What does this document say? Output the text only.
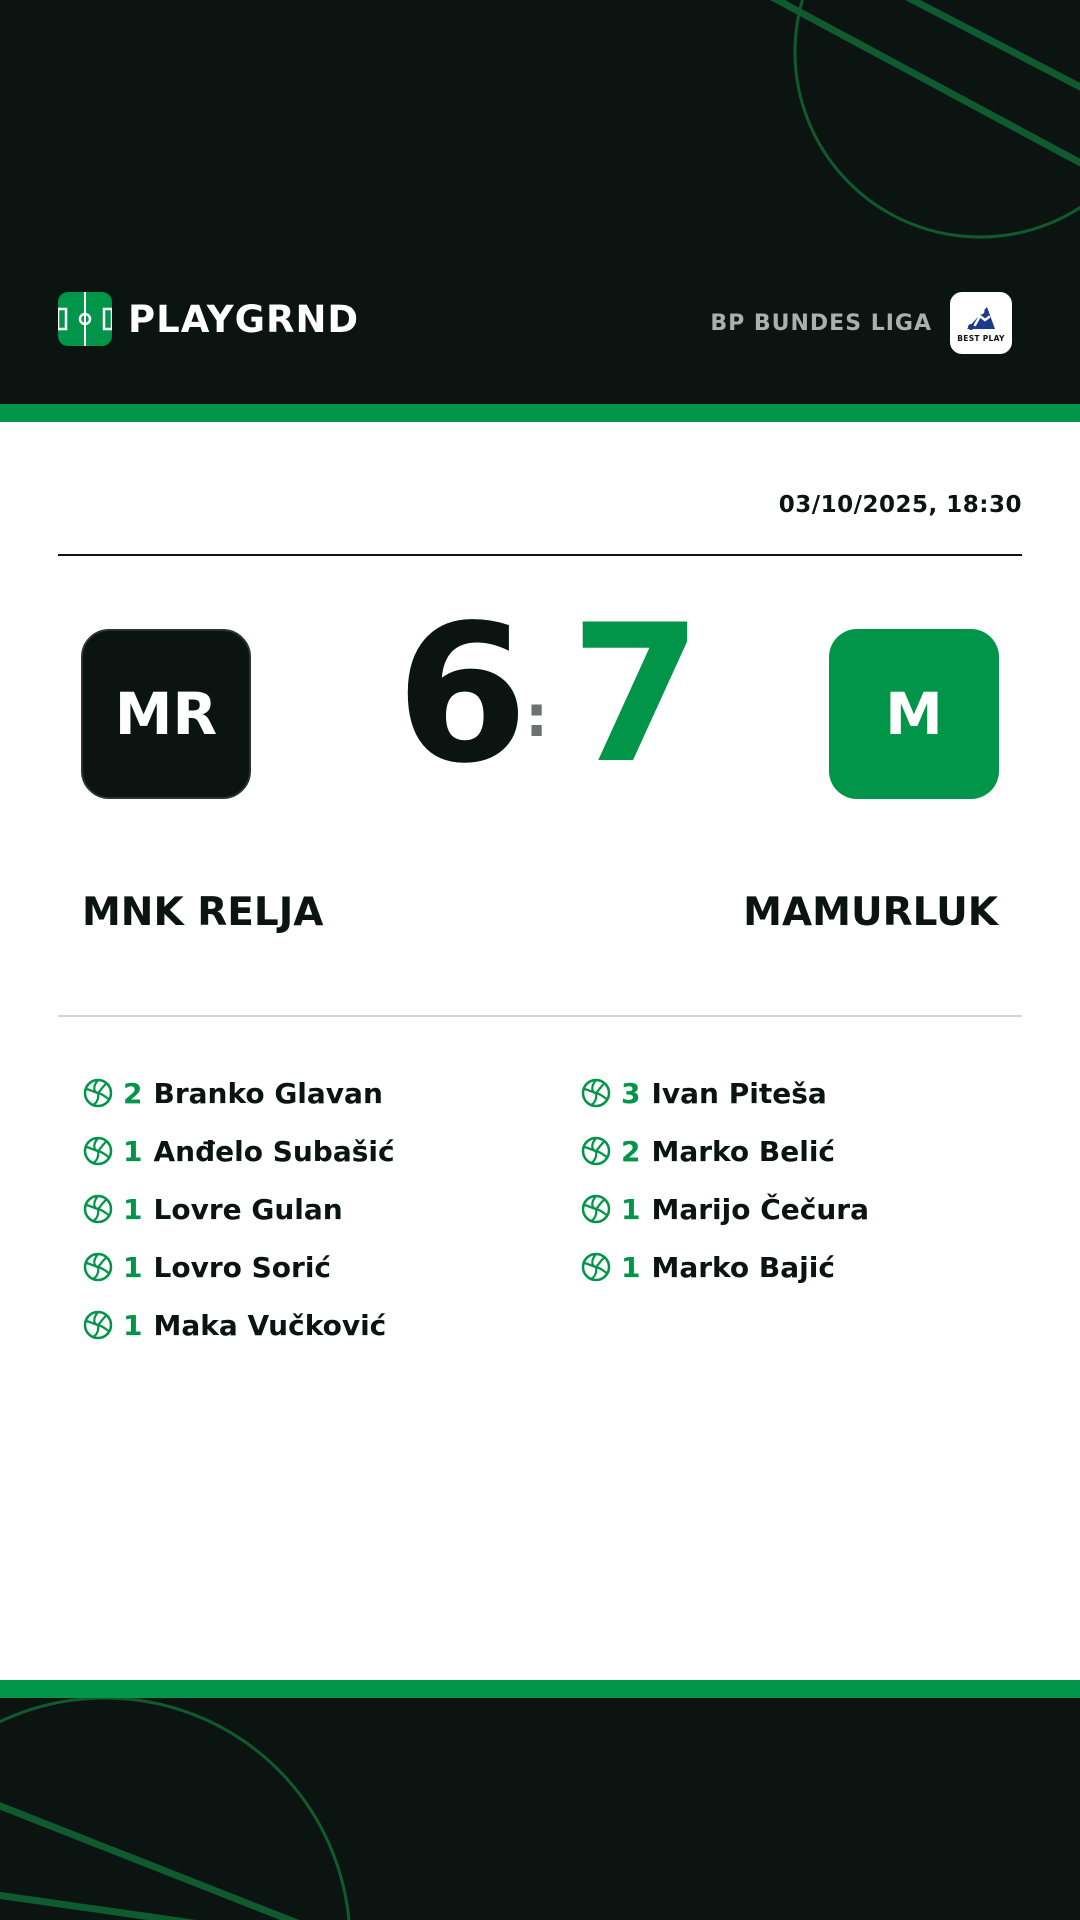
PLAYGRND	BP BUNDES LIGA
BEST PLAY
03/10/2025, 18:30
MR 6
: 7	M
MNK RELJA	MAMURLUK
2 Branko Glavan
1 Anđelo Subašić
1 Lovre Gulan
1 Lovro Sorić
1 Maka Vučković
3 Ivan Piteša
2 Marko Belić
1 Marijo Čečura
1 Marko Bajić
